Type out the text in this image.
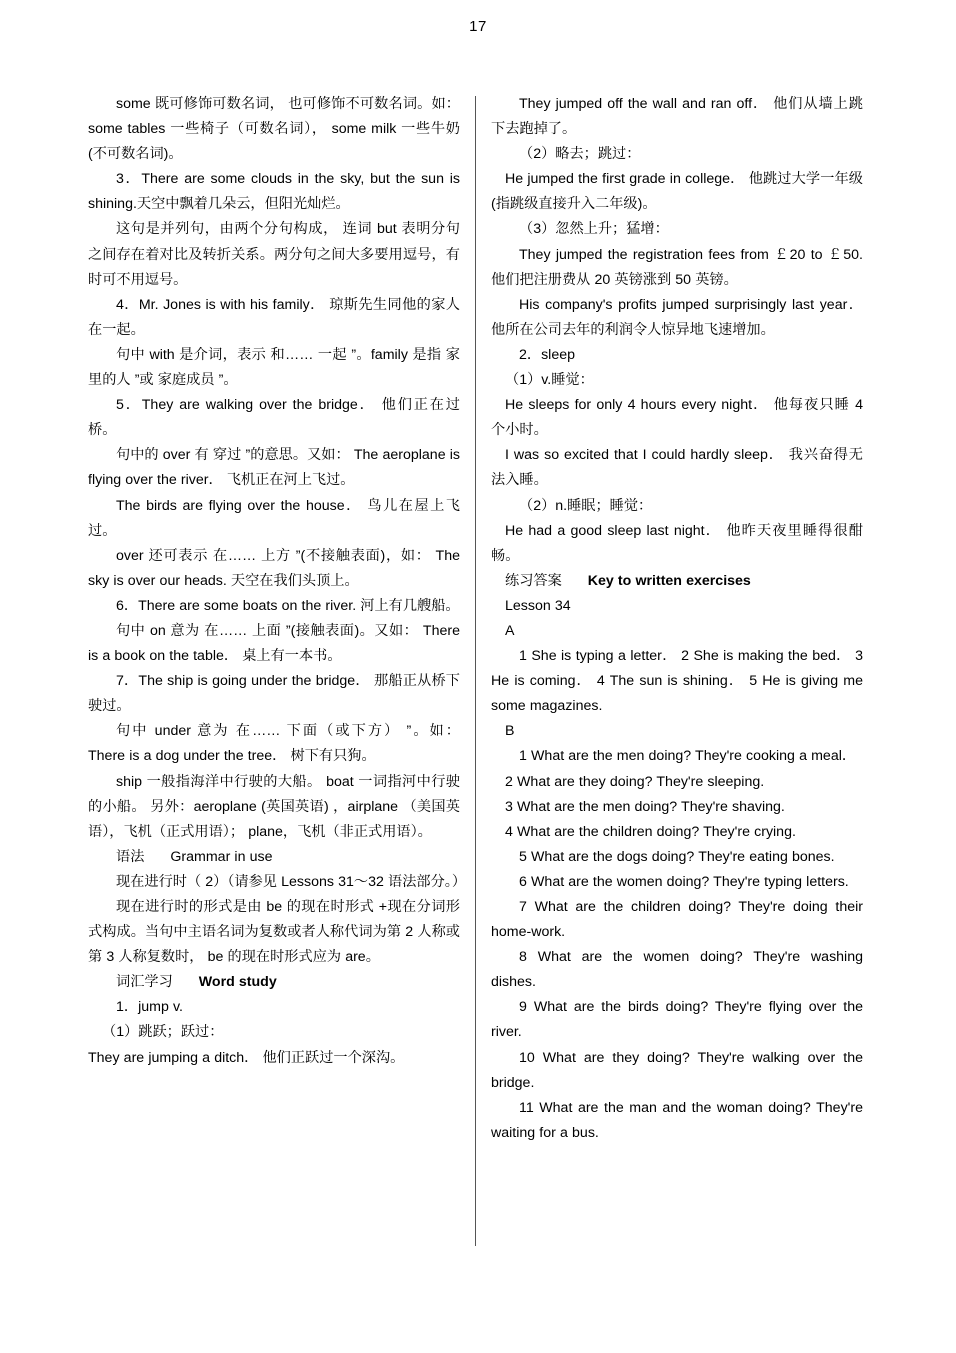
17

some 既可修饰可数名词， 也可修饰不可数名词。如： some tables 一些椅子（可数名词）， some milk 一些牛奶 (不可数名词)。

3．There are some clouds in the sky, but the sun is shining.天空中飘着几朵云，但阳光灿烂。

这句是并列句，由两个分句构成， 连词 but 表明分句之间存在着对比及转折关系。两分句之间大多要用逗号，有时可不用逗号。

4．Mr. Jones is with his family． 琼斯先生同他的家人在一起。

句中 with 是介词，表示 和…… 一起 ”。family 是指 家里的人 ”或 家庭成员 ”。

5．They are walking over the bridge． 他们正在过桥。

句中的 over 有 穿过 ”的意思。又如： The aeroplane is flying over the river． 飞机正在河上飞过。

The birds are flying over the house． 鸟儿在屋上飞过。

over 还可表示 在…… 上方 ”(不接触表面)，如： The sky is over our heads. 天空在我们头顶上。

6．There are some boats on the river. 河上有几艘船。

句中 on 意为 在…… 上面 ”(接触表面)。又如： There is a book on the table． 桌上有一本书。

7．The ship is going under the bridge． 那船正从桥下驶过。

句中 under 意为 在…… 下面（或下方） ”。如： There is a dog under the tree． 树下有只狗。

ship 一般指海洋中行驶的大船。 boat 一词指河中行驶的小船。 另外：aeroplane (英国英语) ，airplane （美国英语），飞机（正式用语）； plane，飞机（非正式用语）。

语法 Grammar in use

现在进行时（ 2）（请参见 Lessons 31～32 语法部分。）

现在进行时的形式是由 be 的现在时形式 +现在分词形式构成。当句中主语名词为复数或者人称代词为第 2 人称或第 3 人称复数时， be 的现在时形式应为 are。

词汇学习 Word study

1．jump v.

（1）跳跃；跃过：

They are jumping a ditch． 他们正跃过一个深沟。

They jumped off the wall and ran off． 他们从墙上跳下去跑掉了。

（2）略去；跳过：

He jumped the first grade in college． 他跳过大学一年级 (指跳级直接升入二年级)。

（3）忽然上升；猛增：

They jumped the registration fees from ￡20 to ￡50. 他们把注册费从 20 英镑涨到 50 英镑。

His company's profits jumped surprisingly last year． 他所在公司去年的利润令人惊异地飞速增加。

2．sleep

（1）v.睡觉：

He sleeps for only 4 hours every night． 他每夜只睡 4 个小时。

I was so excited that I could hardly sleep． 我兴奋得无法入睡。

（2）n.睡眠；睡觉：

He had a good sleep last night． 他昨天夜里睡得很酣畅。

练习答案 Key to written exercises

Lesson 34

A

1 She is typing a letter． 2 She is making the bed． 3 He is coming． 4 The sun is shining． 5 He is giving me some magazines.

B

1 What are the men doing? They're cooking a meal．

2 What are they doing? They're sleeping.

3 What are the men doing? They're shaving.

4 What are the children doing? They're crying.

5 What are the dogs doing? They're eating bones.

6 What are the women doing? They're typing letters.

7 What are the children doing? They're doing their home-work.

8 What are the women doing? They're washing dishes.

9 What are the birds doing? They're flying over the river.

10 What are they doing? They're walking over the bridge.

11 What are the man and the woman doing? They're waiting for a bus.
